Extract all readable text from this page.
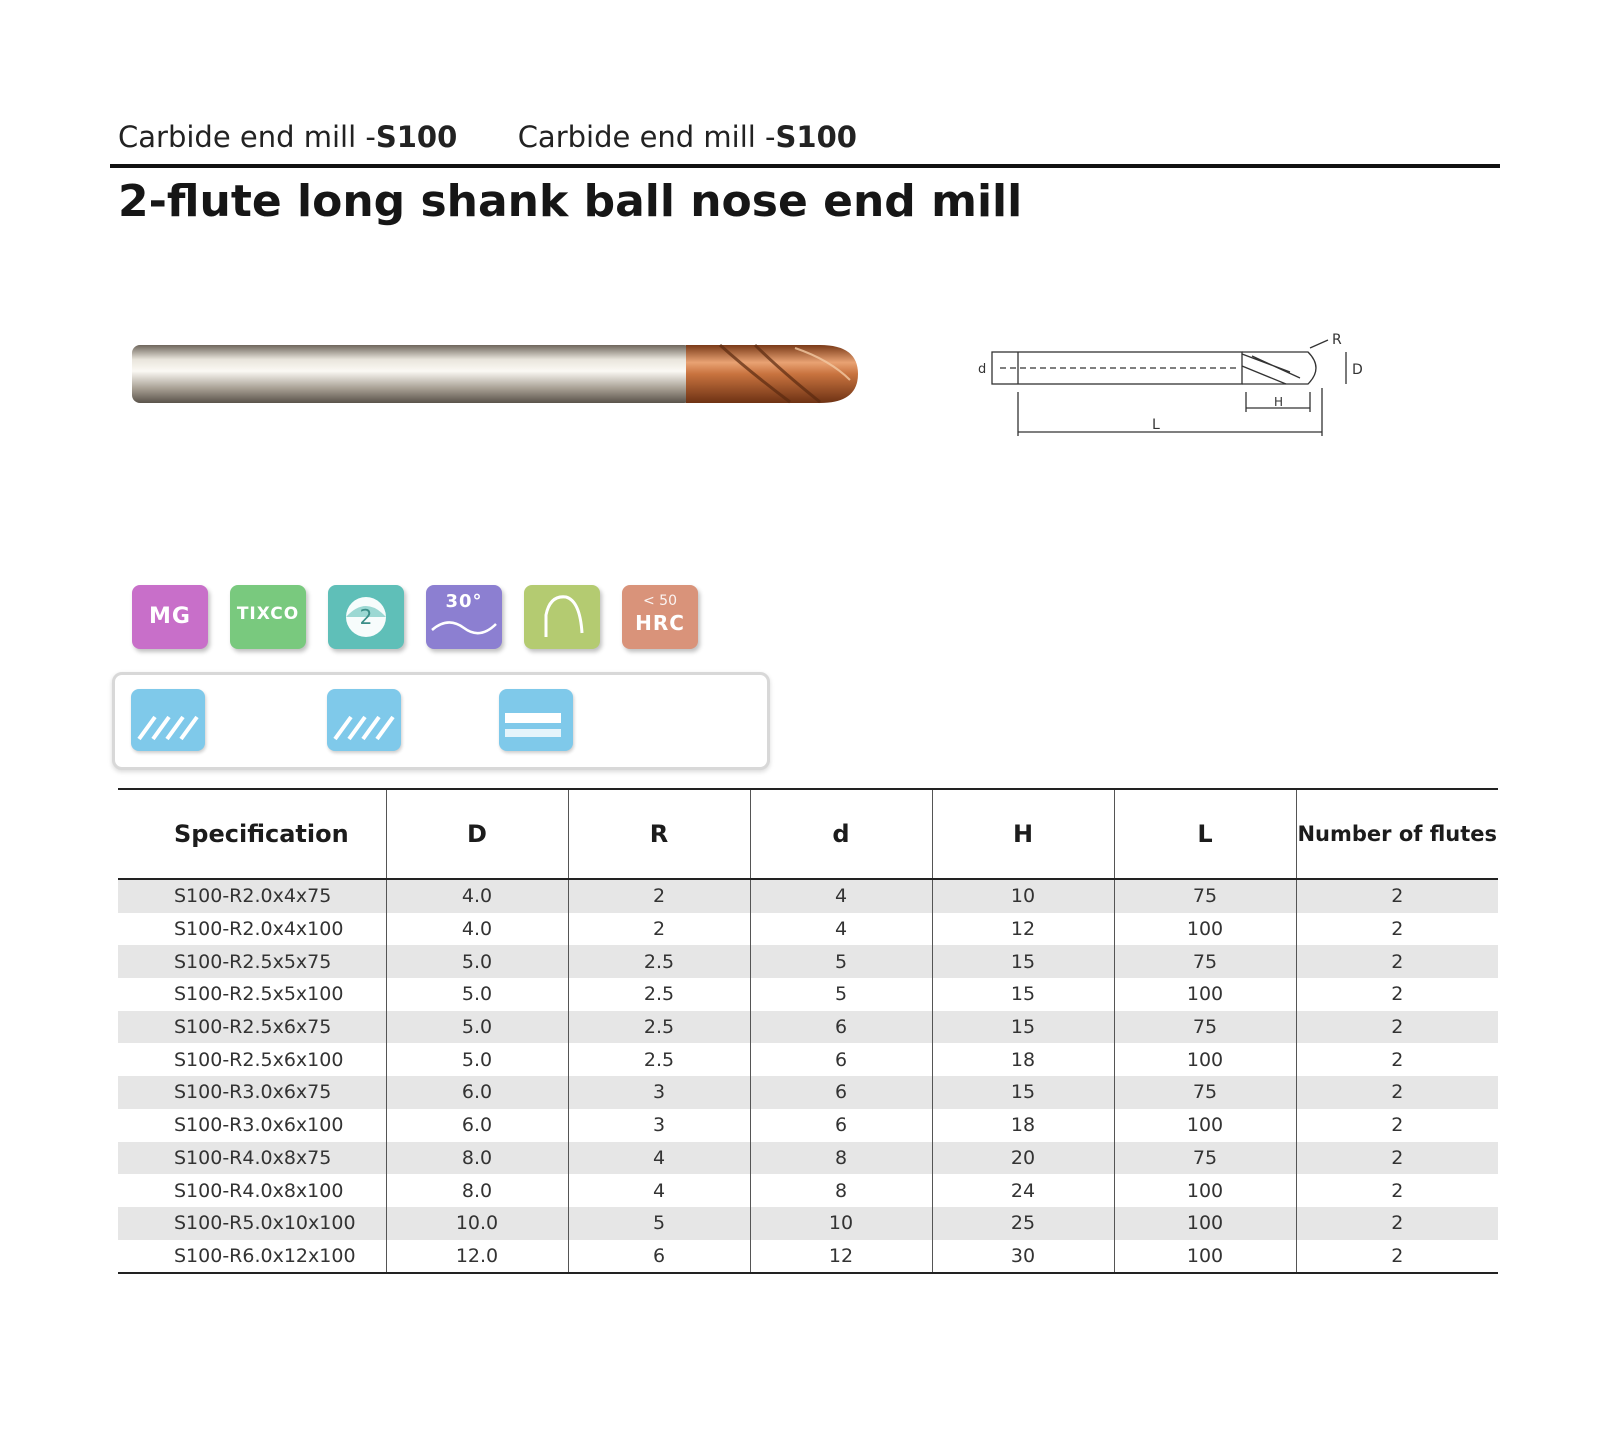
Carbide end mill -S100 Carbide end mill -S100
2-flute long shank ball nose end mill
R
D
d
H
L

MG
	TIXCO	2
30°	< 50
HRC
Specification	D	R	d	H	L	Number of flutes
S100-R2.0x4x75	4.0	2	4	10	75	2
S100-R2.0x4x100	4.0	2	4	12	100	2
S100-R2.5x5x75	5.0	2.5	5	15	75	2
S100-R2.5x5x100	5.0	2.5	5	15	100	2
S100-R2.5x6x75	5.0	2.5	6	15	75	2
S100-R2.5x6x100	5.0	2.5	6	18	100	2
S100-R3.0x6x75	6.0	3	6	15	75	2
S100-R3.0x6x100	6.0	3	6	18	100	2
S100-R4.0x8x75	8.0	4	8	20	75	2
S100-R4.0x8x100	8.0	4	8	24	100	2
S100-R5.0x10x100	10.0	5	10	25	100	2
S100-R6.0x12x100	12.0	6	12	30	100	2
